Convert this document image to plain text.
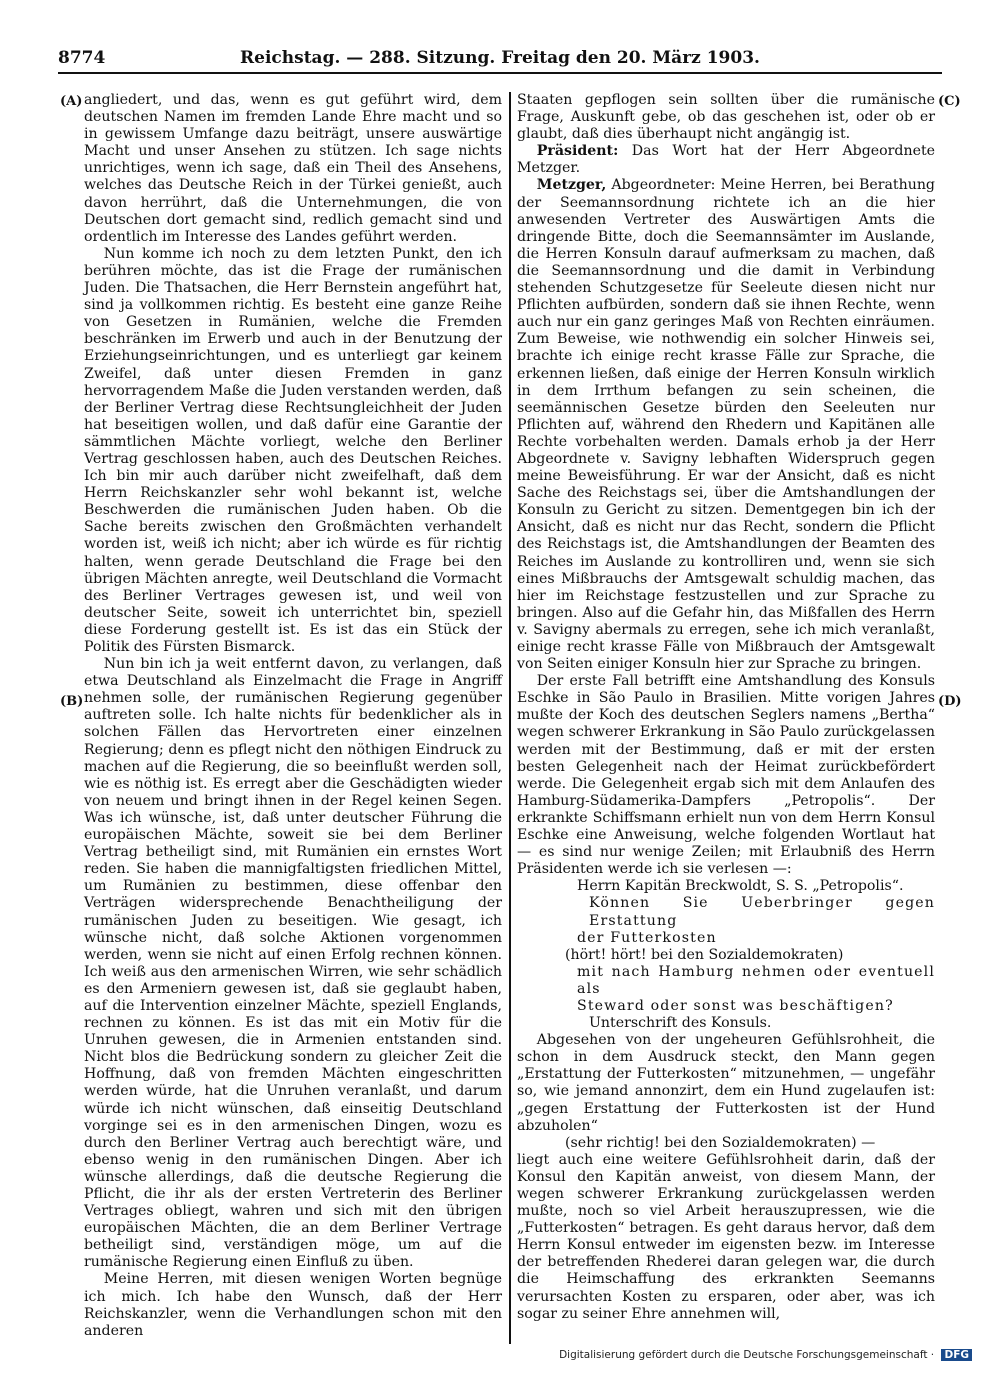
8774	Reichstag. — 288. Sitzung. Freitag den 20. März 1903.
(A)
(B)
(C)
(D)

angliedert, und das, wenn es gut geführt wird, dem deutschen Namen im fremden Lande Ehre macht und so in gewissem Umfange dazu beiträgt, unsere auswärtige Macht und unser Ansehen zu stützen. Ich sage nichts unrichtiges, wenn ich sage, daß ein Theil des Ansehens, welches das Deutsche Reich in der Türkei genießt, auch davon herrührt, daß die Unternehmungen, die von Deutschen dort gemacht sind, redlich gemacht sind und ordentlich im Interesse des Landes geführt werden.

Nun komme ich noch zu dem letzten Punkt, den ich berühren möchte, das ist die Frage der rumänischen Juden. Die Thatsachen, die Herr Bernstein angeführt hat, sind ja vollkommen richtig. Es besteht eine ganze Reihe von Gesetzen in Rumänien, welche die Fremden beschränken im Erwerb und auch in der Benutzung der Erziehungseinrichtungen, und es unterliegt gar keinem Zweifel, daß unter diesen Fremden in ganz hervorragendem Maße die Juden verstanden werden, daß der Berliner Vertrag diese Rechtsungleichheit der Juden hat beseitigen wollen, und daß dafür eine Garantie der sämmtlichen Mächte vorliegt, welche den Berliner Vertrag geschlossen haben, auch des Deutschen Reiches. Ich bin mir auch darüber nicht zweifelhaft, daß dem Herrn Reichskanzler sehr wohl bekannt ist, welche Beschwerden die rumänischen Juden haben. Ob die Sache bereits zwischen den Großmächten verhandelt worden ist, weiß ich nicht; aber ich würde es für richtig halten, wenn gerade Deutschland die Frage bei den übrigen Mächten anregte, weil Deutschland die Vormacht des Berliner Vertrages gewesen ist, und weil von deutscher Seite, soweit ich unterrichtet bin, speziell diese Forderung gestellt ist. Es ist das ein Stück der Politik des Fürsten Bismarck.

Nun bin ich ja weit entfernt davon, zu verlangen, daß etwa Deutschland als Einzelmacht die Frage in Angriff nehmen solle, der rumänischen Regierung gegenüber auftreten solle. Ich halte nichts für bedenklicher als in solchen Fällen das Hervortreten einer einzelnen Regierung; denn es pflegt nicht den nöthigen Eindruck zu machen auf die Regierung, die so beeinflußt werden soll, wie es nöthig ist. Es erregt aber die Geschädigten wieder von neuem und bringt ihnen in der Regel keinen Segen. Was ich wünsche, ist, daß unter deutscher Führung die europäischen Mächte, soweit sie bei dem Berliner Vertrag betheiligt sind, mit Rumänien ein ernstes Wort reden. Sie haben die mannigfaltigsten friedlichen Mittel, um Rumänien zu bestimmen, diese offenbar den Verträgen widersprechende Benachtheiligung der rumänischen Juden zu beseitigen. Wie gesagt, ich wünsche nicht, daß solche Aktionen vorgenommen werden, wenn sie nicht auf einen Erfolg rechnen können. Ich weiß aus den armenischen Wirren, wie sehr schädlich es den Armeniern gewesen ist, daß sie geglaubt haben, auf die Intervention einzelner Mächte, speziell Englands, rechnen zu können. Es ist das mit ein Motiv für die Unruhen gewesen, die in Armenien entstanden sind. Nicht blos die Bedrückung sondern zu gleicher Zeit die Hoffnung, daß von fremden Mächten eingeschritten werden würde, hat die Unruhen veranlaßt, und darum würde ich nicht wünschen, daß einseitig Deutschland vorginge sei es in den armenischen Dingen, wozu es durch den Berliner Vertrag auch berechtigt wäre, und ebenso wenig in den rumänischen Dingen. Aber ich wünsche allerdings, daß die deutsche Regierung die Pflicht, die ihr als der ersten Vertreterin des Berliner Vertrages obliegt, wahren und sich mit den übrigen europäischen Mächten, die an dem Berliner Vertrage betheiligt sind, verständigen möge, um auf die rumänische Regierung einen Einfluß zu üben.

Meine Herren, mit diesen wenigen Worten begnüge ich mich. Ich habe den Wunsch, daß der Herr Reichskanzler, wenn die Verhandlungen schon mit den anderen

Staaten gepflogen sein sollten über die rumänische Frage, Auskunft gebe, ob das geschehen ist, oder ob er glaubt, daß dies überhaupt nicht angängig ist.

Präsident: Das Wort hat der Herr Abgeordnete Metzger.

Metzger, Abgeordneter: Meine Herren, bei Berathung der Seemannsordnung richtete ich an die hier anwesenden Vertreter des Auswärtigen Amts die dringende Bitte, doch die Seemannsämter im Auslande, die Herren Konsuln darauf aufmerksam zu machen, daß die Seemannsordnung und die damit in Verbindung stehenden Schutzgesetze für Seeleute diesen nicht nur Pflichten aufbürden, sondern daß sie ihnen Rechte, wenn auch nur ein ganz geringes Maß von Rechten einräumen. Zum Beweise, wie nothwendig ein solcher Hinweis sei, brachte ich einige recht krasse Fälle zur Sprache, die erkennen ließen, daß einige der Herren Konsuln wirklich in dem Irrthum befangen zu sein scheinen, die seemännischen Gesetze bürden den Seeleuten nur Pflichten auf, während den Rhedern und Kapitänen alle Rechte vorbehalten werden. Damals erhob ja der Herr Abgeordnete v. Savigny lebhaften Widerspruch gegen meine Beweisführung. Er war der Ansicht, daß es nicht Sache des Reichstags sei, über die Amtshandlungen der Konsuln zu Gericht zu sitzen. Dementgegen bin ich der Ansicht, daß es nicht nur das Recht, sondern die Pflicht des Reichstags ist, die Amtshandlungen der Beamten des Reiches im Auslande zu kontrolliren und, wenn sie sich eines Mißbrauchs der Amtsgewalt schuldig machen, das hier im Reichstage festzustellen und zur Sprache zu bringen. Also auf die Gefahr hin, das Mißfallen des Herrn v. Savigny abermals zu erregen, sehe ich mich veranlaßt, einige recht krasse Fälle von Mißbrauch der Amtsgewalt von Seiten einiger Konsuln hier zur Sprache zu bringen.

Der erste Fall betrifft eine Amtshandlung des Konsuls Eschke in São Paulo in Brasilien. Mitte vorigen Jahres mußte der Koch des deutschen Seglers namens „Bertha“ wegen schwerer Erkrankung in São Paulo zurückgelassen werden mit der Bestimmung, daß er mit der ersten besten Gelegenheit nach der Heimat zurückbefördert werde. Die Gelegenheit ergab sich mit dem Anlaufen des Hamburg-Südamerika-Dampfers „Petropolis“. Der erkrankte Schiffsmann erhielt nun von dem Herrn Konsul Eschke eine Anweisung, welche folgenden Wortlaut hat — es sind nur wenige Zeilen; mit Erlaubniß des Herrn Präsidenten werde ich sie verlesen —:

Herrn Kapitän Breckwoldt, S. S. „Petropolis“.

Können Sie Ueberbringer gegen Erstattung

der Futterkosten

(hört! hört! bei den Sozialdemokraten)

mit nach Hamburg nehmen oder eventuell als

Steward oder sonst was beschäftigen?

Unterschrift des Konsuls.

Abgesehen von der ungeheuren Gefühlsrohheit, die schon in dem Ausdruck steckt, den Mann gegen „Erstattung der Futterkosten“ mitzunehmen, — ungefähr so, wie jemand annonzirt, dem ein Hund zugelaufen ist: „gegen Erstattung der Futterkosten ist der Hund abzuholen“

(sehr richtig! bei den Sozialdemokraten) —

liegt auch eine weitere Gefühlsrohheit darin, daß der Konsul den Kapitän anweist, von diesem Mann, der wegen schwerer Erkrankung zurückgelassen werden mußte, noch so viel Arbeit herauszupressen, wie die „Futterkosten“ betragen. Es geht daraus hervor, daß dem Herrn Konsul entweder im eigensten bezw. im Interesse der betreffenden Rhederei daran gelegen war, die durch die Heimschaffung des erkrankten Seemanns verursachten Kosten zu ersparen, oder aber, was ich sogar zu seiner Ehre annehmen will,

Digitalisierung gefördert durch die Deutsche Forschungsgemeinschaft · DFG
